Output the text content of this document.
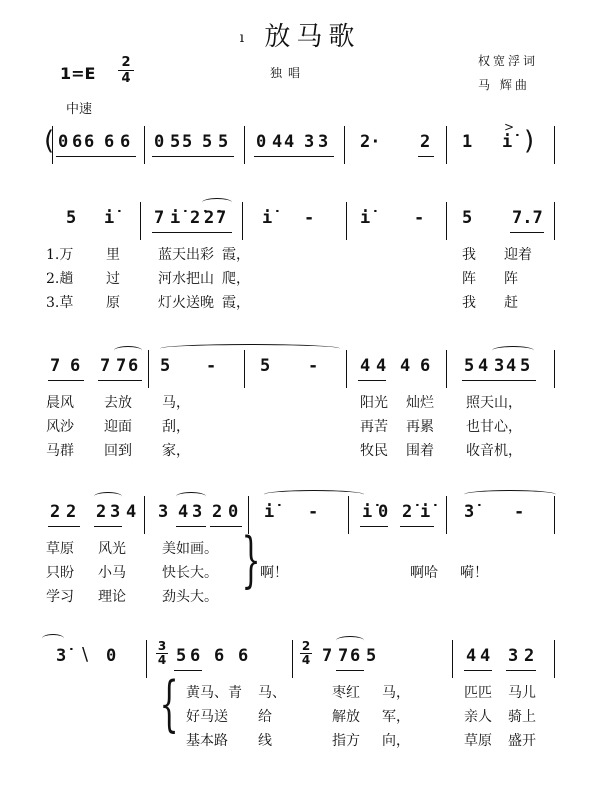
ı 放马歌
1=E
2
4	独唱
权宽浮词
马 辉曲
中速
( 0 6 6 6 6 0 5 5 5 5 0 4 4 3 3 2· 2 1 i̇
> )
5 i̇ 7 i̇ 2̇ 2̇ 7 i̇ -	i̇	- 5 7.7
1.万 里	蓝天出彩 霞，	我 迎着
2.趟 过	河水把山 爬，	阵 阵
3.草 原	灯火送晚 霞，	我 赶
7 6 7 7 6 5 -	5 - 4 4 4 6 5 4 3 4 5
晨风 去放 马，	阳光 灿烂 照天山，
风沙 迎面 刮，	再苦 再累 也甘心，
马群 回到 家，	牧民 围着 收音机，
2 2 2 3 4 3 4 3 2 0 i̇ -	i̇ 0 2̇ i̇ 3̇ -
草原 风光	美如画。
只盼 小马	快长大。	啊！	啊哈 嗬！
学习 理论	劲头大。
}
3̇ \ 0	3
4 5 6 6 6	2
4 7 7 6 5	4 4 3 2
} 黄马、青 马、	枣红 马，	匹匹 马儿
好马送 给	解放 军，	亲人 骑上
基本路 线	指方 向，	草原 盛开
